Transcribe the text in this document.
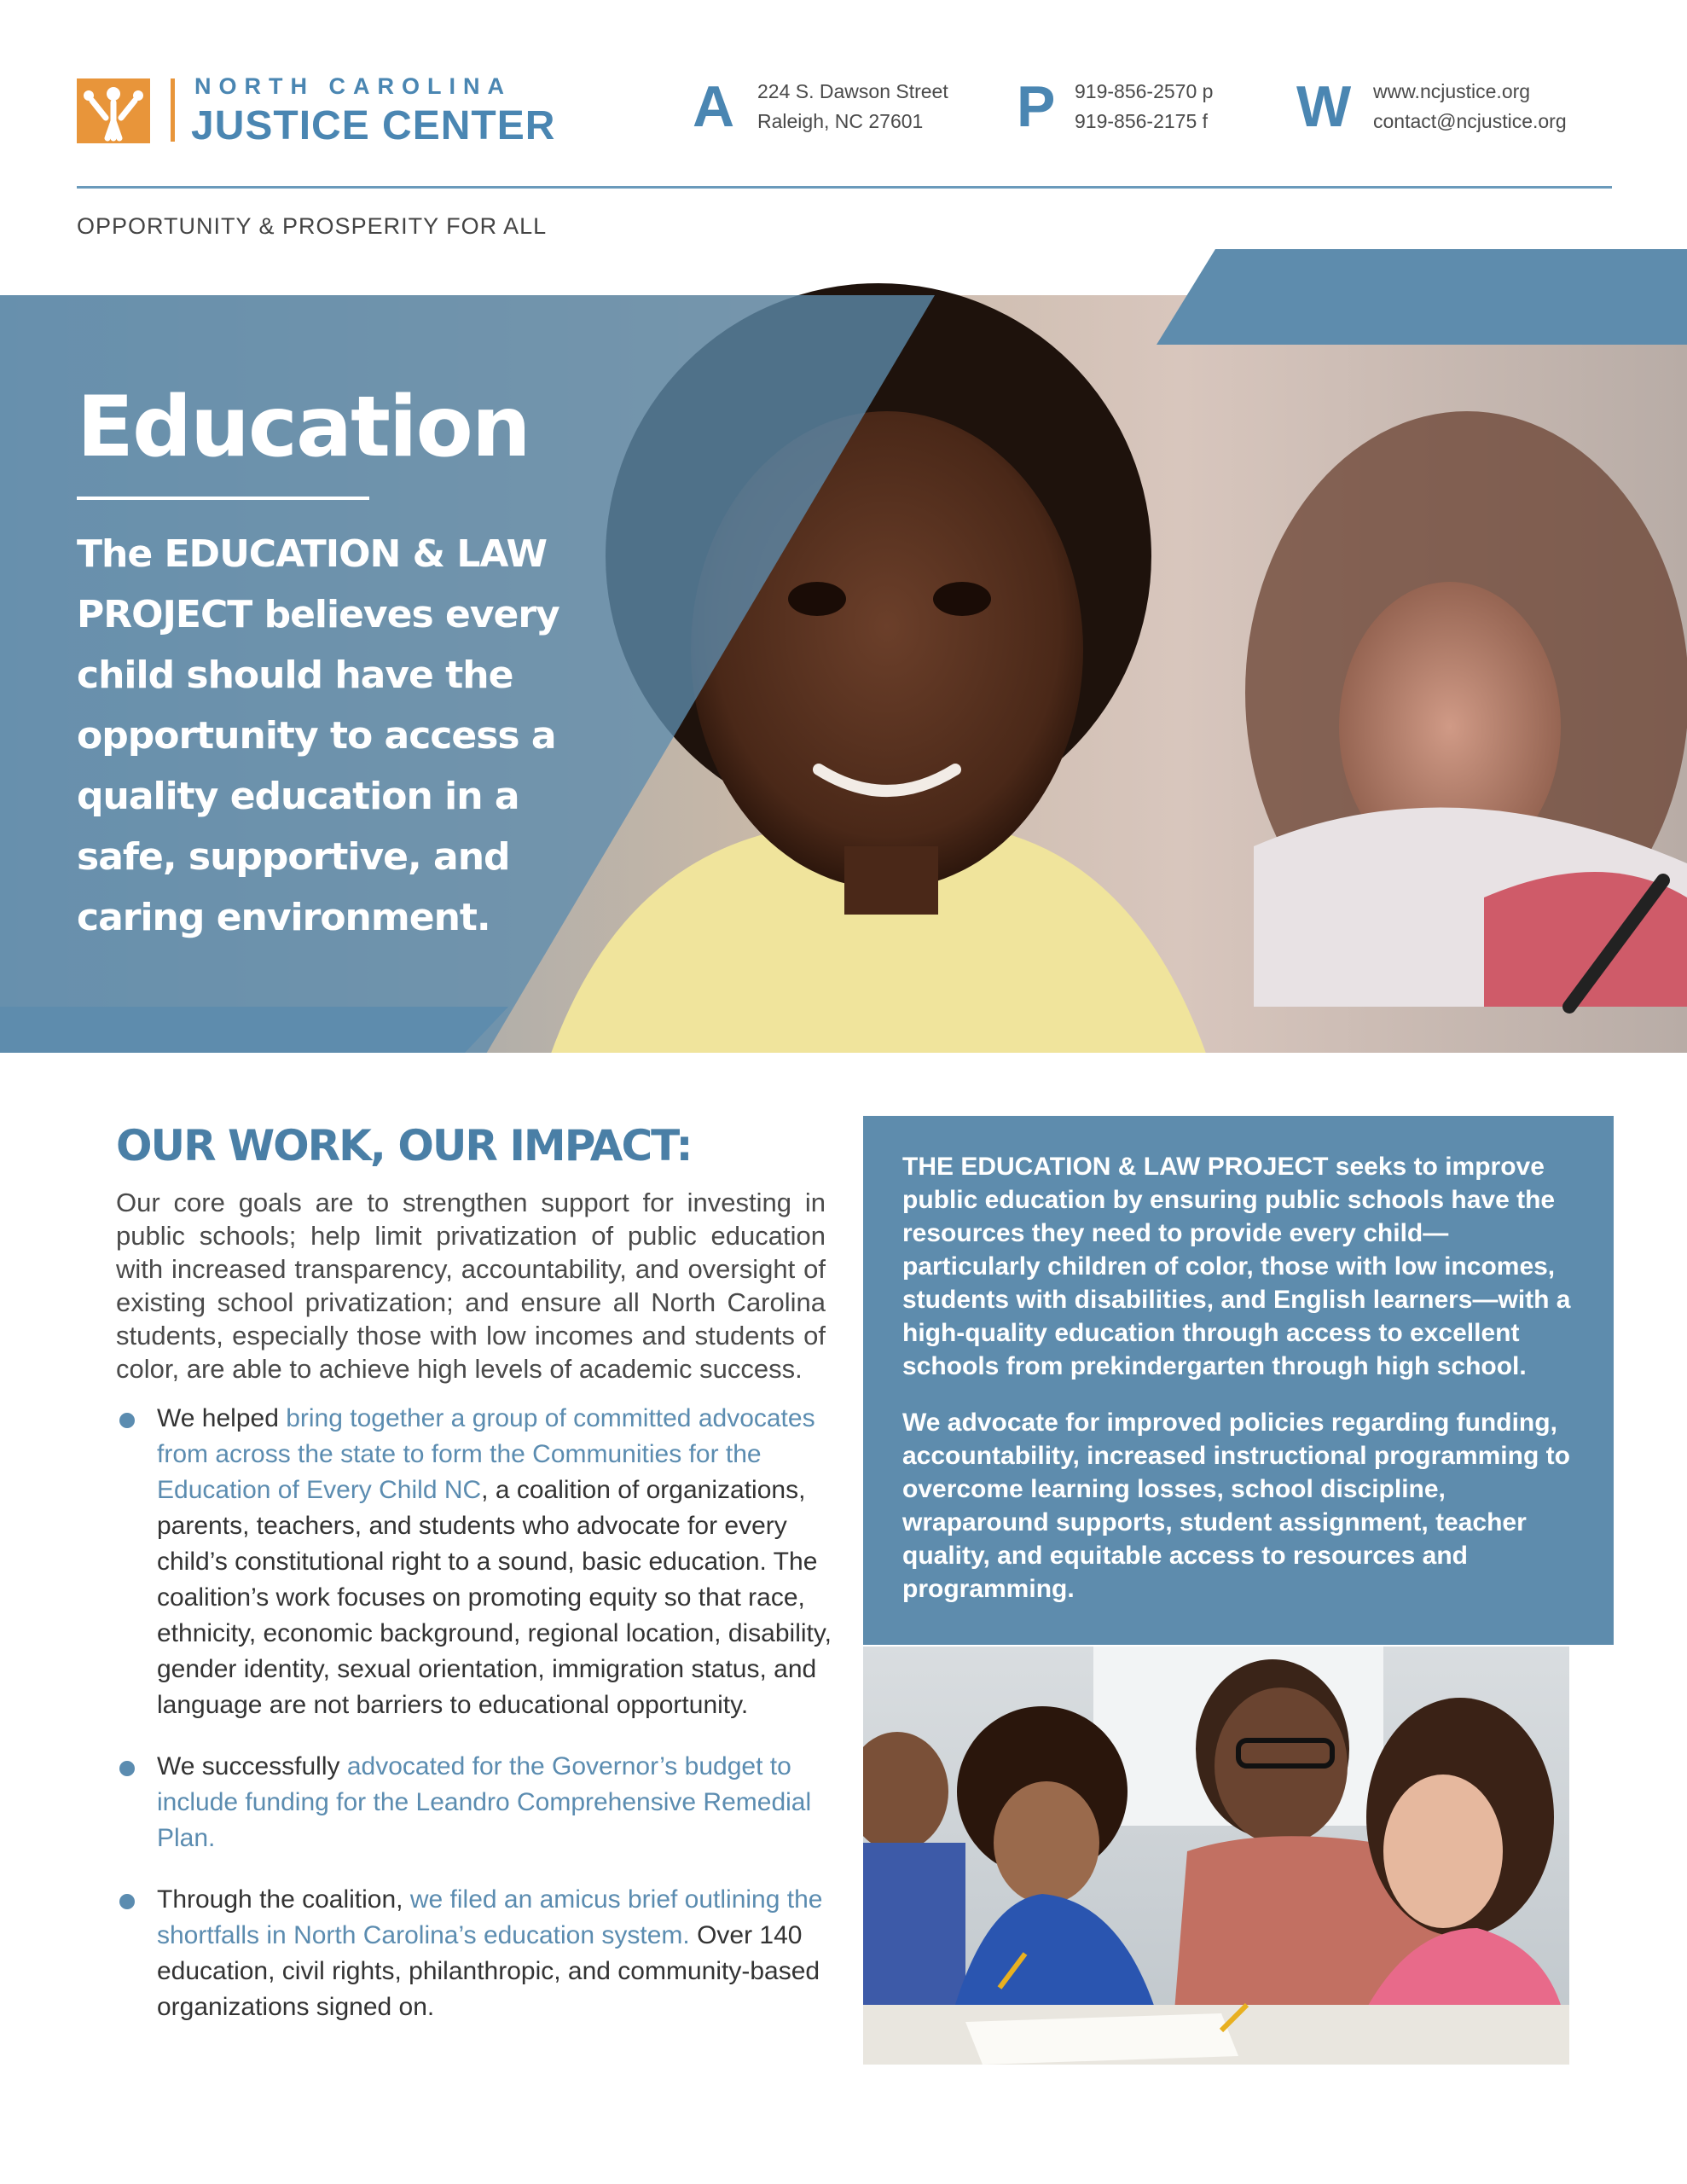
NORTH CAROLINA
JUSTICE CENTER A 224 S. Dawson Street
Raleigh, NC 27601	P 919-856-2570 p
919-856-2175 f W www.ncjustice.org
contact@ncjustice.org
OPPORTUNITY & PROSPERITY FOR ALL
Education
The EDUCATION & LAW PROJECT believes every child should have the opportunity to access a quality education in a safe, supportive, and caring environment.
OUR WORK, OUR IMPACT:
Our core goals are to strengthen support for investing in public schools; help limit privatization of public education with increased transparency, accountability, and oversight of existing school privatization; and ensure all North Carolina students, especially those with low incomes and students of color, are able to achieve high levels of academic success.
We helped bring together a group of committed advocates from across the state to form the Communities for the Education of Every Child NC, a coalition of organizations, parents, teachers, and students who advocate for every child’s constitutional right to a sound, basic education. The coalition’s work focuses on promoting equity so that race, ethnicity, economic background, regional location, disability, gender identity, sexual orientation, immigration status, and language are not barriers to educational opportunity.
We successfully advocated for the Governor’s budget to include funding for the Leandro Comprehensive Remedial Plan.
Through the coalition, we filed an amicus brief outlining the shortfalls in North Carolina’s education system. Over 140 education, civil rights, philanthropic, and community-based organizations signed on.

THE EDUCATION & LAW PROJECT seeks to improve public education by ensuring public schools have the resources they need to provide every child—particularly children of color, those with low incomes, students with disabilities, and English learners—with a high-quality education through access to excellent schools from prekindergarten through high school.

We advocate for improved policies regarding funding, accountability, increased instructional programming to overcome learning losses, school discipline, wraparound supports, student assignment, teacher quality, and equitable access to resources and programming.
